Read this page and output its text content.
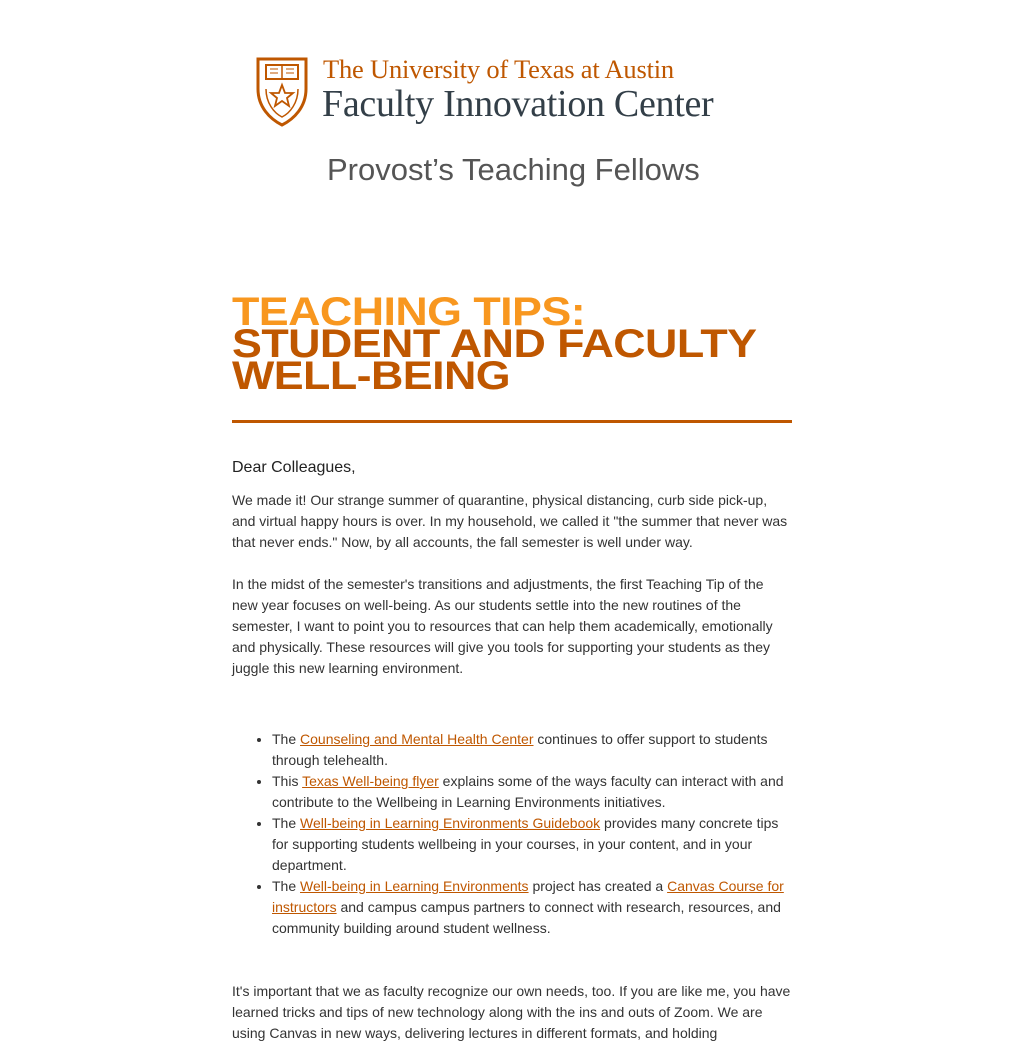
The University of Texas at Austin
Faculty Innovation Center
Provost’s Teaching Fellows
TEACHING TIPS:
STUDENT AND FACULTY
WELL-BEING
Dear Colleagues,

We made it! Our strange summer of quarantine, physical distancing, curb side pick-up, and virtual happy hours is over. In my household, we called it "the summer that never was that never ends." Now, by all accounts, the fall semester is well under way.

In the midst of the semester's transitions and adjustments, the first Teaching Tip of the new year focuses on well-being. As our students settle into the new routines of the semester, I want to point you to resources that can help them academically, emotionally and physically. These resources will give you tools for supporting your students as they juggle this new learning environment.

• The Counseling and Mental Health Center continues to offer support to students through telehealth.
• This Texas Well-being flyer explains some of the ways faculty can interact with and contribute to the Wellbeing in Learning Environments initiatives.
• The Well-being in Learning Environments Guidebook provides many concrete tips for supporting students wellbeing in your courses, in your content, and in your department.
• The Well-being in Learning Environments project has created a Canvas Course for instructors and campus campus partners to connect with research, resources, and community building around student wellness.

It's important that we as faculty recognize our own needs, too. If you are like me, you have learned tricks and tips of new technology along with the ins and outs of Zoom. We are using Canvas in new ways, delivering lectures in different formats, and holding
